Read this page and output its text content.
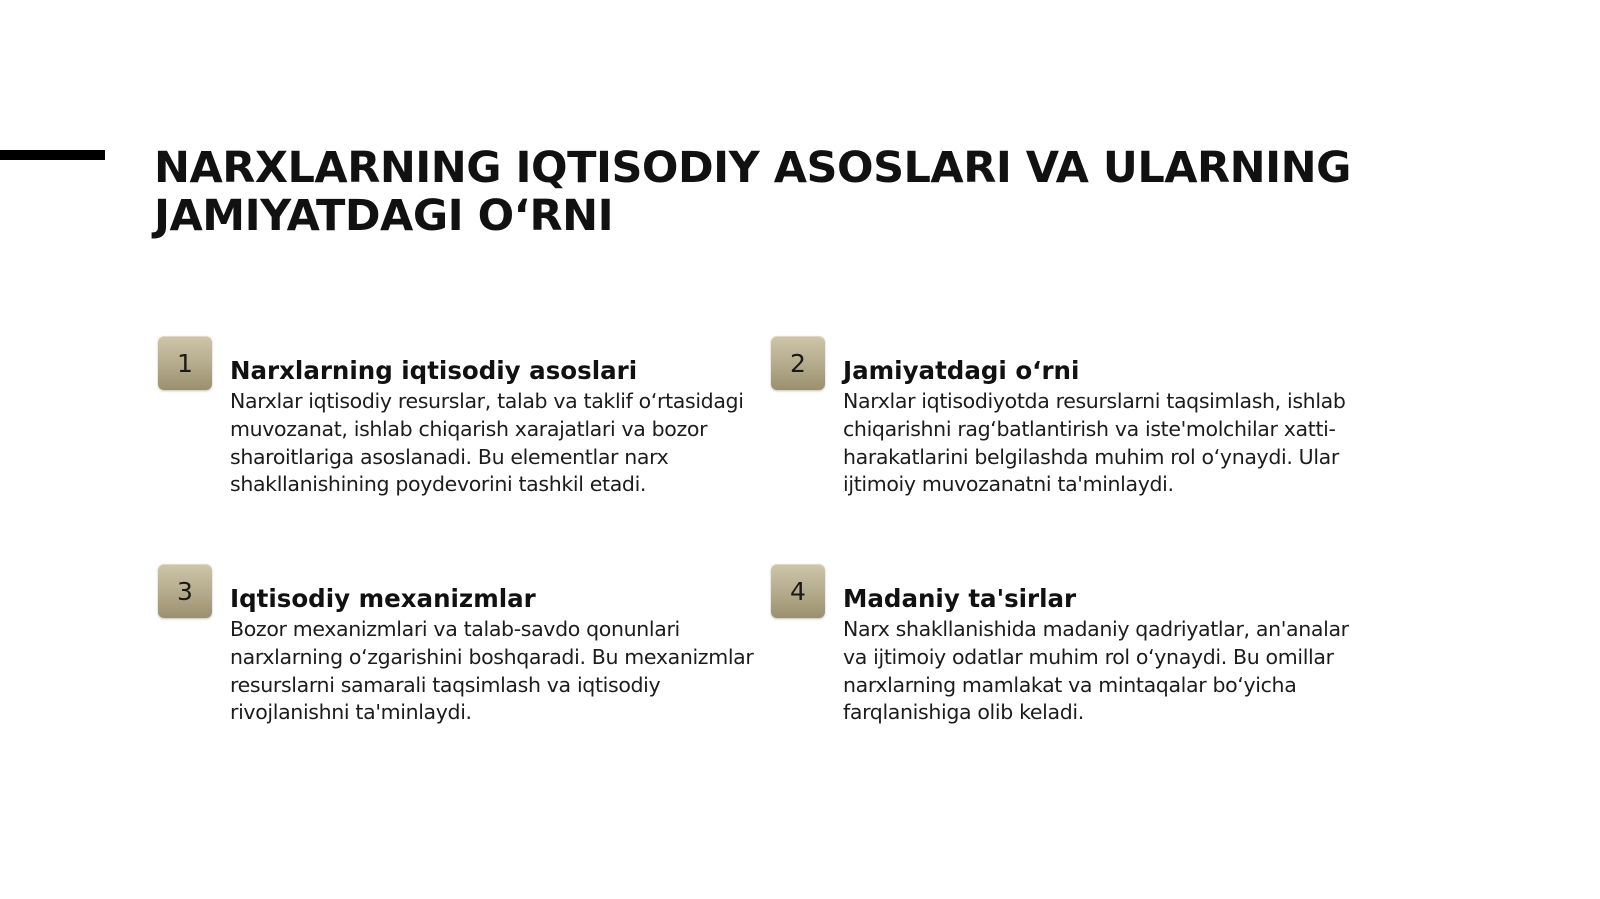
NARXLARNING IQTISODIY ASOSLARI VA ULARNING
JAMIYATDAGI O‘RNI
1	Narxlarning iqtisodiy asoslari

Narxlar iqtisodiy resurslar, talab va taklif o‘rtasidagi muvozanat, ishlab chiqarish xarajatlari va bozor sharoitlariga asoslanadi. Bu elementlar narx shakllanishining poydevorini tashkil etadi.

2	Jamiyatdagi o‘rni

Narxlar iqtisodiyotda resurslarni taqsimlash, ishlab chiqarishni rag‘batlantirish va iste'molchilar xatti-harakatlarini belgilashda muhim rol o‘ynaydi. Ular ijtimoiy muvozanatni ta'minlaydi.

3	Iqtisodiy mexanizmlar

Bozor mexanizmlari va talab-savdo qonunlari narxlarning o‘zgarishini boshqaradi. Bu mexanizmlar resurslarni samarali taqsimlash va iqtisodiy rivojlanishni ta'minlaydi.

4	Madaniy ta'sirlar

Narx shakllanishida madaniy qadriyatlar, an'analar va ijtimoiy odatlar muhim rol o‘ynaydi. Bu omillar narxlarning mamlakat va mintaqalar bo‘yicha farqlanishiga olib keladi.
